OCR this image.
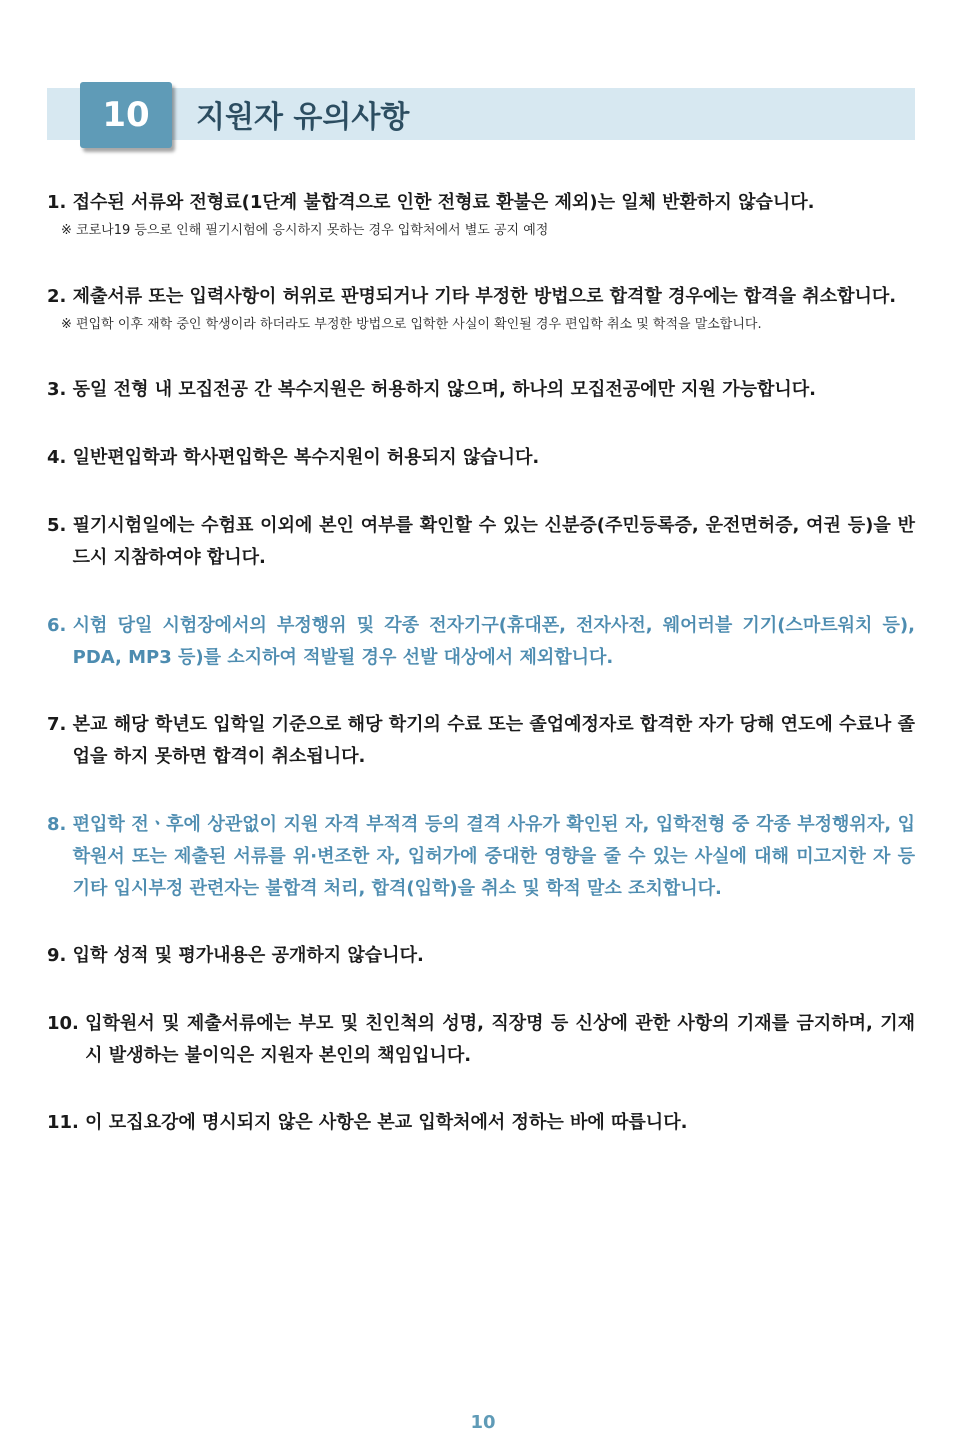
10 지원자 유의사항
1. 접수된 서류와 전형료(1단계 불합격으로 인한 전형료 환불은 제외)는 일체 반환하지 않습니다.
※ 코로나19 등으로 인해 필기시험에 응시하지 못하는 경우 입학처에서 별도 공지 예정
2. 제출서류 또는 입력사항이 허위로 판명되거나 기타 부정한 방법으로 합격할 경우에는 합격을 취소합니다.
※ 편입학 이후 재학 중인 학생이라 하더라도 부정한 방법으로 입학한 사실이 확인될 경우 편입학 취소 및 학적을 말소합니다.
3. 동일 전형 내 모집전공 간 복수지원은 허용하지 않으며, 하나의 모집전공에만 지원 가능합니다.
4. 일반편입학과 학사편입학은 복수지원이 허용되지 않습니다.
5. 필기시험일에는 수험표 이외에 본인 여부를 확인할 수 있는 신분증(주민등록증, 운전면허증, 여권 등)을 반드시 지참하여야 합니다.
6. 시험 당일 시험장에서의 부정행위 및 각종 전자기구(휴대폰, 전자사전, 웨어러블 기기(스마트워치 등), PDA, MP3 등)를 소지하여 적발될 경우 선발 대상에서 제외합니다.
7. 본교 해당 학년도 입학일 기준으로 해당 학기의 수료 또는 졸업예정자로 합격한 자가 당해 연도에 수료나 졸업을 하지 못하면 합격이 취소됩니다.
8. 편입학 전ㆍ후에 상관없이 지원 자격 부적격 등의 결격 사유가 확인된 자, 입학전형 중 각종 부정행위자, 입학원서 또는 제출된 서류를 위·변조한 자, 입허가에 중대한 영향을 줄 수 있는 사실에 대해 미고지한 자 등 기타 입시부정 관련자는 불합격 처리, 합격(입학)을 취소 및 학적 말소 조치합니다.
9. 입학 성적 및 평가내용은 공개하지 않습니다.
10. 입학원서 및 제출서류에는 부모 및 친인척의 성명, 직장명 등 신상에 관한 사항의 기재를 금지하며, 기재 시 발생하는 불이익은 지원자 본인의 책임입니다.
11. 이 모집요강에 명시되지 않은 사항은 본교 입학처에서 정하는 바에 따릅니다.
10
